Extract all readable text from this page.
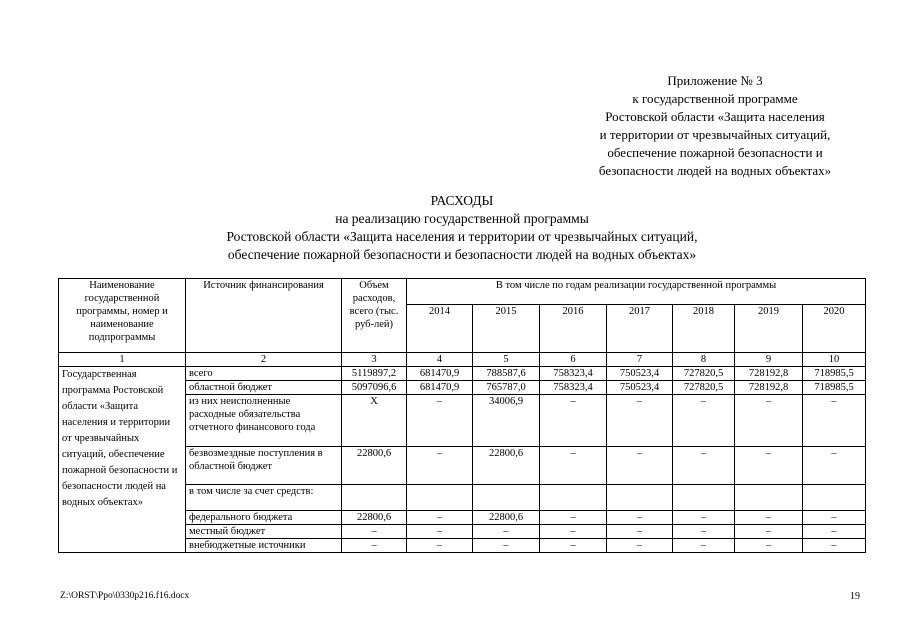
Приложение № 3
к государственной программе
Ростовской области «Защита населения
и территории от чрезвычайных ситуаций,
обеспечение пожарной безопасности и
безопасности людей на водных объектах»
РАСХОДЫ
на реализацию государственной программы
Ростовской области «Защита населения и территории от чрезвычайных ситуаций,
обеспечение пожарной безопасности и безопасности людей на водных объектах»
Наименование государственной программы, номер и наименование подпрограммы	Источник финансирования	Объем расходов, всего (тыс. руб-лей)	В том числе по годам реализации государственной программы						
			2014	2015	2016	2017	2018	2019	2020
1	2	3	4	5	6	7	8	9	10
Государственная программа Ростовской области «Защита населения и территории от чрезвычайных ситуаций, обеспечение пожарной безопасности и безопасности людей на водных объектах»	всего	5119897,2	681470,9	788587,6	758323,4	750523,4	727820,5	728192,8	718985,5
	областной бюджет	5097096,6	681470,9	765787,0	758323,4	750523,4	727820,5	728192,8	718985,5
	из них неисполненные расходные обязательства отчетного финансового года	Х	–	34006,9	–	–	–	–	–
	безвозмездные поступления в областной бюджет	22800,6	–	22800,6	–	–	–	–	–
	в том числе за счет средств:								
	федерального бюджета	22800,6	–	22800,6	–	–	–	–	–
	местный бюджет	–	–	–	–	–	–	–	–
	внебюджетные источники	–	–	–	–	–	–	–	–
Z:\ORST\Ppo\0330p216.f16.docx	19
